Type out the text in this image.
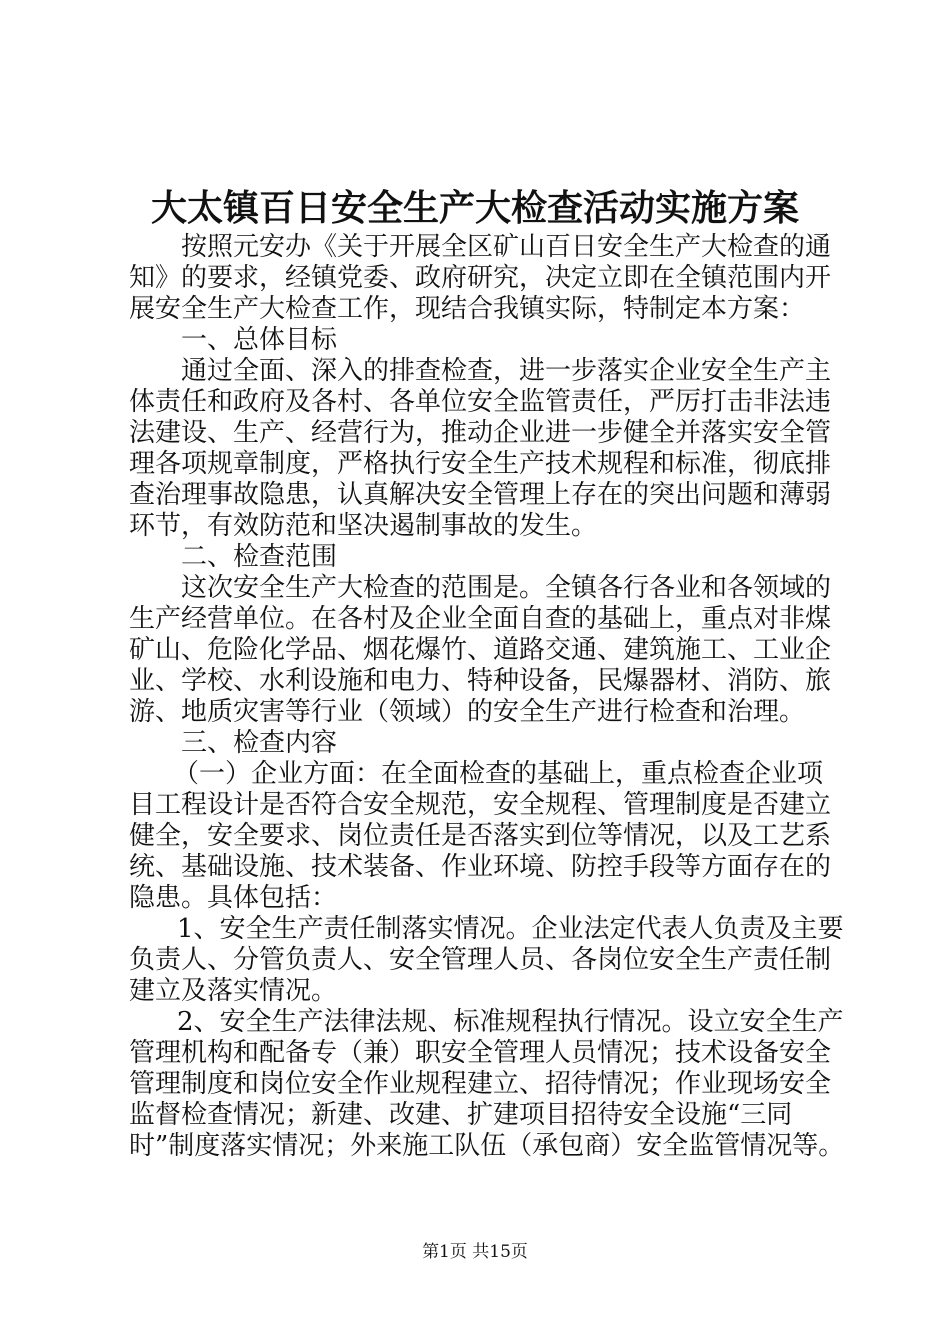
大太镇百日安全生产大检查活动实施方案
按照元安办《关于开展全区矿山百日安全生产大检查的通
知》的要求，经镇党委、政府研究，决定立即在全镇范围内开
展安全生产大检查工作，现结合我镇实际，特制定本方案：
一、总体目标
通过全面、深入的排查检查，进一步落实企业安全生产主
体责任和政府及各村、各单位安全监管责任，严厉打击非法违
法建设、生产、经营行为，推动企业进一步健全并落实安全管
理各项规章制度，严格执行安全生产技术规程和标准，彻底排
查治理事故隐患，认真解决安全管理上存在的突出问题和薄弱
环节，有效防范和坚决遏制事故的发生。
二、检查范围
这次安全生产大检查的范围是。全镇各行各业和各领域的
生产经营单位。在各村及企业全面自查的基础上，重点对非煤
矿山、危险化学品、烟花爆竹、道路交通、建筑施工、工业企
业、学校、水利设施和电力、特种设备，民爆器材、消防、旅
游、地质灾害等行业（领域）的安全生产进行检查和治理。
三、检查内容
（一）企业方面：在全面检查的基础上，重点检查企业项
目工程设计是否符合安全规范，安全规程、管理制度是否建立
健全，安全要求、岗位责任是否落实到位等情况，以及工艺系
统、基础设施、技术装备、作业环境、防控手段等方面存在的
隐患。具体包括：
1、安全生产责任制落实情况。企业法定代表人负责及主要
负责人、分管负责人、安全管理人员、各岗位安全生产责任制
建立及落实情况。
2、安全生产法律法规、标准规程执行情况。设立安全生产
管理机构和配备专（兼）职安全管理人员情况；技术设备安全
管理制度和岗位安全作业规程建立、招待情况；作业现场安全
监督检查情况；新建、改建、扩建项目招待安全设施“三同
时”制度落实情况；外来施工队伍（承包商）安全监管情况等。
第1页 共15页
